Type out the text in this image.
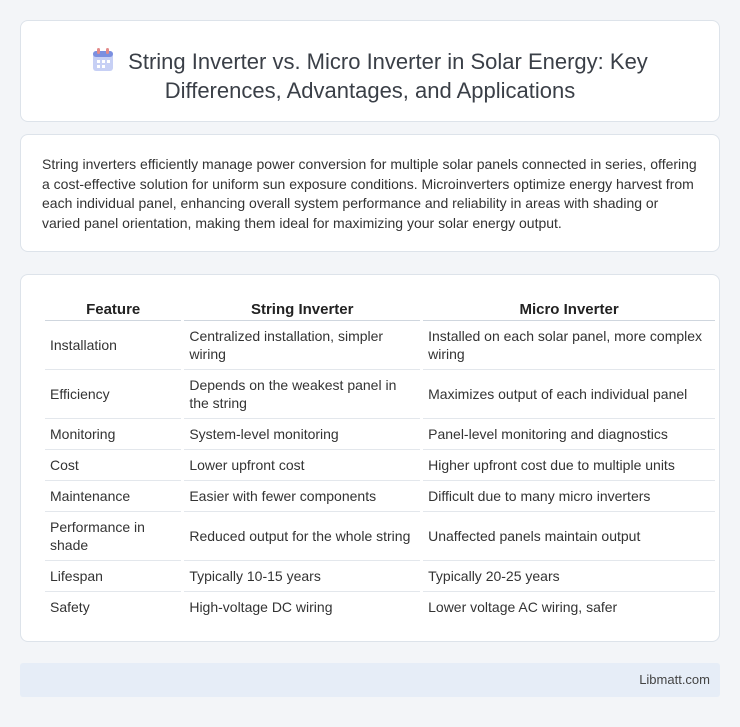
String Inverter vs. Micro Inverter in Solar Energy: Key
Differences, Advantages, and Applications

String inverters efficiently manage power conversion for multiple solar panels connected in series, offering a cost-effective solution for uniform sun exposure conditions. Microinverters optimize energy harvest from each individual panel, enhancing overall system performance and reliability in areas with shading or varied panel orientation, making them ideal for maximizing your solar energy output.

Feature	String Inverter	Micro Inverter
Installation	Centralized installation, simpler wiring	Installed on each solar panel, more complex wiring
Efficiency	Depends on the weakest panel in the string	Maximizes output of each individual panel
Monitoring	System-level monitoring	Panel-level monitoring and diagnostics
Cost	Lower upfront cost	Higher upfront cost due to multiple units
Maintenance	Easier with fewer components	Difficult due to many micro inverters
Performance in shade	Reduced output for the whole string	Unaffected panels maintain output
Lifespan	Typically 10-15 years	Typically 20-25 years
Safety	High-voltage DC wiring	Lower voltage AC wiring, safer
Libmatt.com
